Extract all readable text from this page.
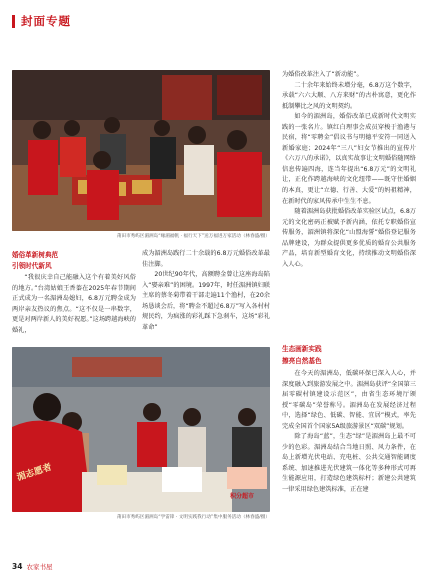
封面专题
莆田市秀屿区湄洲岛“缘湄福帆 · 福行天下”送万福进万家活动（林春盛/摄）
婚俗革新树典范
引领时代新风

“我很庆幸自己能融入这个有着美好风俗的地方。”台湾姑娘王香蓁在2025年春节期间正式成为一名湄洲岛媳妇，6.8万元聘金成为两岸亲友热议的焦点。“这不仅是一串数字，更是对两岸新人的美好祝愿。”这场跨越海峡的婚礼，

成为湄洲岛践行二十余载的6.8万元婚俗改革最佳注脚。

20世纪90年代，高额聘金曾让这座海岛陷入“娶亲难”的困境。1997年，时任湄洲镇妇联主席的蔡冬菊带着干部走遍11个渔村，在20余场恳谈会后，将“聘金不超过6.8万”写入各村村规民约，为疯涨的彩礼踩下急刹车，这场“彩礼革命”

为婚俗改革注入了“新动能”。

二十余年来始终未增分毫，6.8万这个数字，承载“六六大顺、八方来财”的古朴寓意，更化作抵制攀比之风的文明契约。

如今的湄洲岛，婚俗改革已成新时代文明实践的一张名片。镇红白理事会成员穿梭于渔港与民宿，将“零聘金”倡议书与明德平安符一同送入新婚家庭；2024年“三八”妇女节推出的宣传片《六万八的承诺》，以真实故事让文明婚俗随网络信息传遍四海，连当年提出“6.8万元”的文明礼让，正化作跨越海峡的文化纽带——既守住婚姻的本真，更让“立德、行善、大爱”的妈祖精神，在新时代的家风传承中生生不息。

随着湄洲岛获批婚俗改革实验区试点，6.8万元的文化密码正被赋予新内涵，依托专职婚俗宣传服务，湄洲镇将深化“山盟海誓”婚俗登记服务品牌建设，为群众提供更多优质的婚育公共服务产品，培育新型婚育文化，持续推动文明婚俗深入人心。

湄志愿者
积分超市
莆田市秀屿区湄洲岛“学雷锋 · 文明实践我行动”集中服务活动（林春盛/摄）
生态画新实践
擦亮自然基色

在今天的湄洲岛，低碳环保已深入人心，并深度融入到旅游发展之中。湄洲岛获评“全国第三届零碳村镇建设示范区”，由省生态环境厅颁授“零碳岛”荣誉称号。湄洲岛在发展经济过程中，选择“绿色、低碳、智能、宜居”模式，率先完成全国首个国家5A级旅游景区“双碳”规划。

除了海岛“蓝”，生态“绿”是湄洲岛上最不可少的色彩。湄洲岛结合当地日照、风力条件，在岛上新增光伏电站、充电桩、公共交通智能调度系统、加速推进光伏建筑一体化等多种形式可再生能源应用，打造绿色建筑标杆；新建公共建筑一律采用绿色建筑标准，正在建

34 农家书屋
